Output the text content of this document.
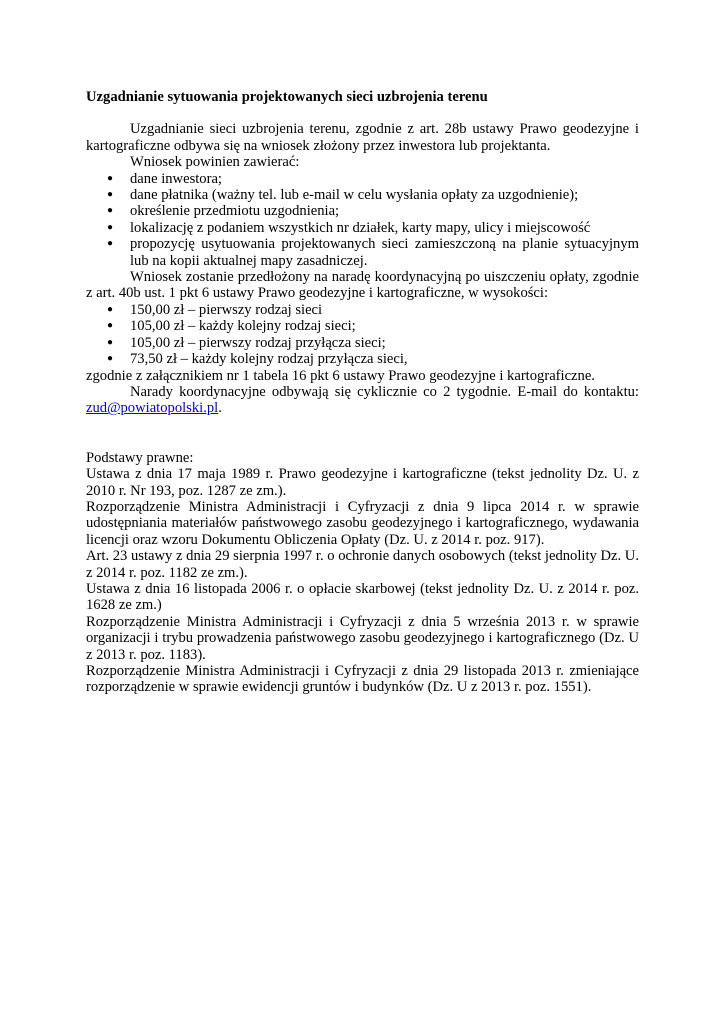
Uzgadnianie sytuowania projektowanych sieci uzbrojenia terenu

Uzgadnianie sieci uzbrojenia terenu, zgodnie z art. 28b ustawy Prawo geodezyjne i kartograficzne odbywa się na wniosek złożony przez inwestora lub projektanta.

Wniosek powinien zawierać:

● dane inwestora;
● dane płatnika (ważny tel. lub e-mail w celu wysłania opłaty za uzgodnienie);
● określenie przedmiotu uzgodnienia;
● lokalizację z podaniem wszystkich nr działek, karty mapy, ulicy i miejscowość
● propozycję usytuowania projektowanych sieci zamieszczoną na planie sytuacyjnym lub na kopii aktualnej mapy zasadniczej.

Wniosek zostanie przedłożony na naradę koordynacyjną po uiszczeniu opłaty, zgodnie z art. 40b ust. 1 pkt 6 ustawy Prawo geodezyjne i kartograficzne, w wysokości:

● 150,00 zł – pierwszy rodzaj sieci
● 105,00 zł – każdy kolejny rodzaj sieci;
● 105,00 zł – pierwszy rodzaj przyłącza sieci;
● 73,50 zł – każdy kolejny rodzaj przyłącza sieci,

zgodnie z załącznikiem nr 1 tabela 16 pkt 6 ustawy Prawo geodezyjne i kartograficzne.

Narady koordynacyjne odbywają się cyklicznie co 2 tygodnie. E-mail do kontaktu: zud@powiatopolski.pl.

Podstawy prawne:

Ustawa z dnia 17 maja 1989 r. Prawo geodezyjne i kartograficzne (tekst jednolity Dz. U. z 2010 r. Nr 193, poz. 1287 ze zm.).

Rozporządzenie Ministra Administracji i Cyfryzacji z dnia 9 lipca 2014 r. w sprawie udostępniania materiałów państwowego zasobu geodezyjnego i kartograficznego, wydawania licencji oraz wzoru Dokumentu Obliczenia Opłaty (Dz. U. z 2014 r. poz. 917).

Art. 23 ustawy z dnia 29 sierpnia 1997 r. o ochronie danych osobowych (tekst jednolity Dz. U. z 2014 r. poz. 1182 ze zm.).

Ustawa z dnia 16 listopada 2006 r. o opłacie skarbowej (tekst jednolity Dz. U. z 2014 r. poz. 1628 ze zm.)

Rozporządzenie Ministra Administracji i Cyfryzacji z dnia 5 września 2013 r. w sprawie organizacji i trybu prowadzenia państwowego zasobu geodezyjnego i kartograficznego (Dz. U z 2013 r. poz. 1183).

Rozporządzenie Ministra Administracji i Cyfryzacji z dnia 29 listopada 2013 r. zmieniające rozporządzenie w sprawie ewidencji gruntów i budynków (Dz. U z 2013 r. poz. 1551).
